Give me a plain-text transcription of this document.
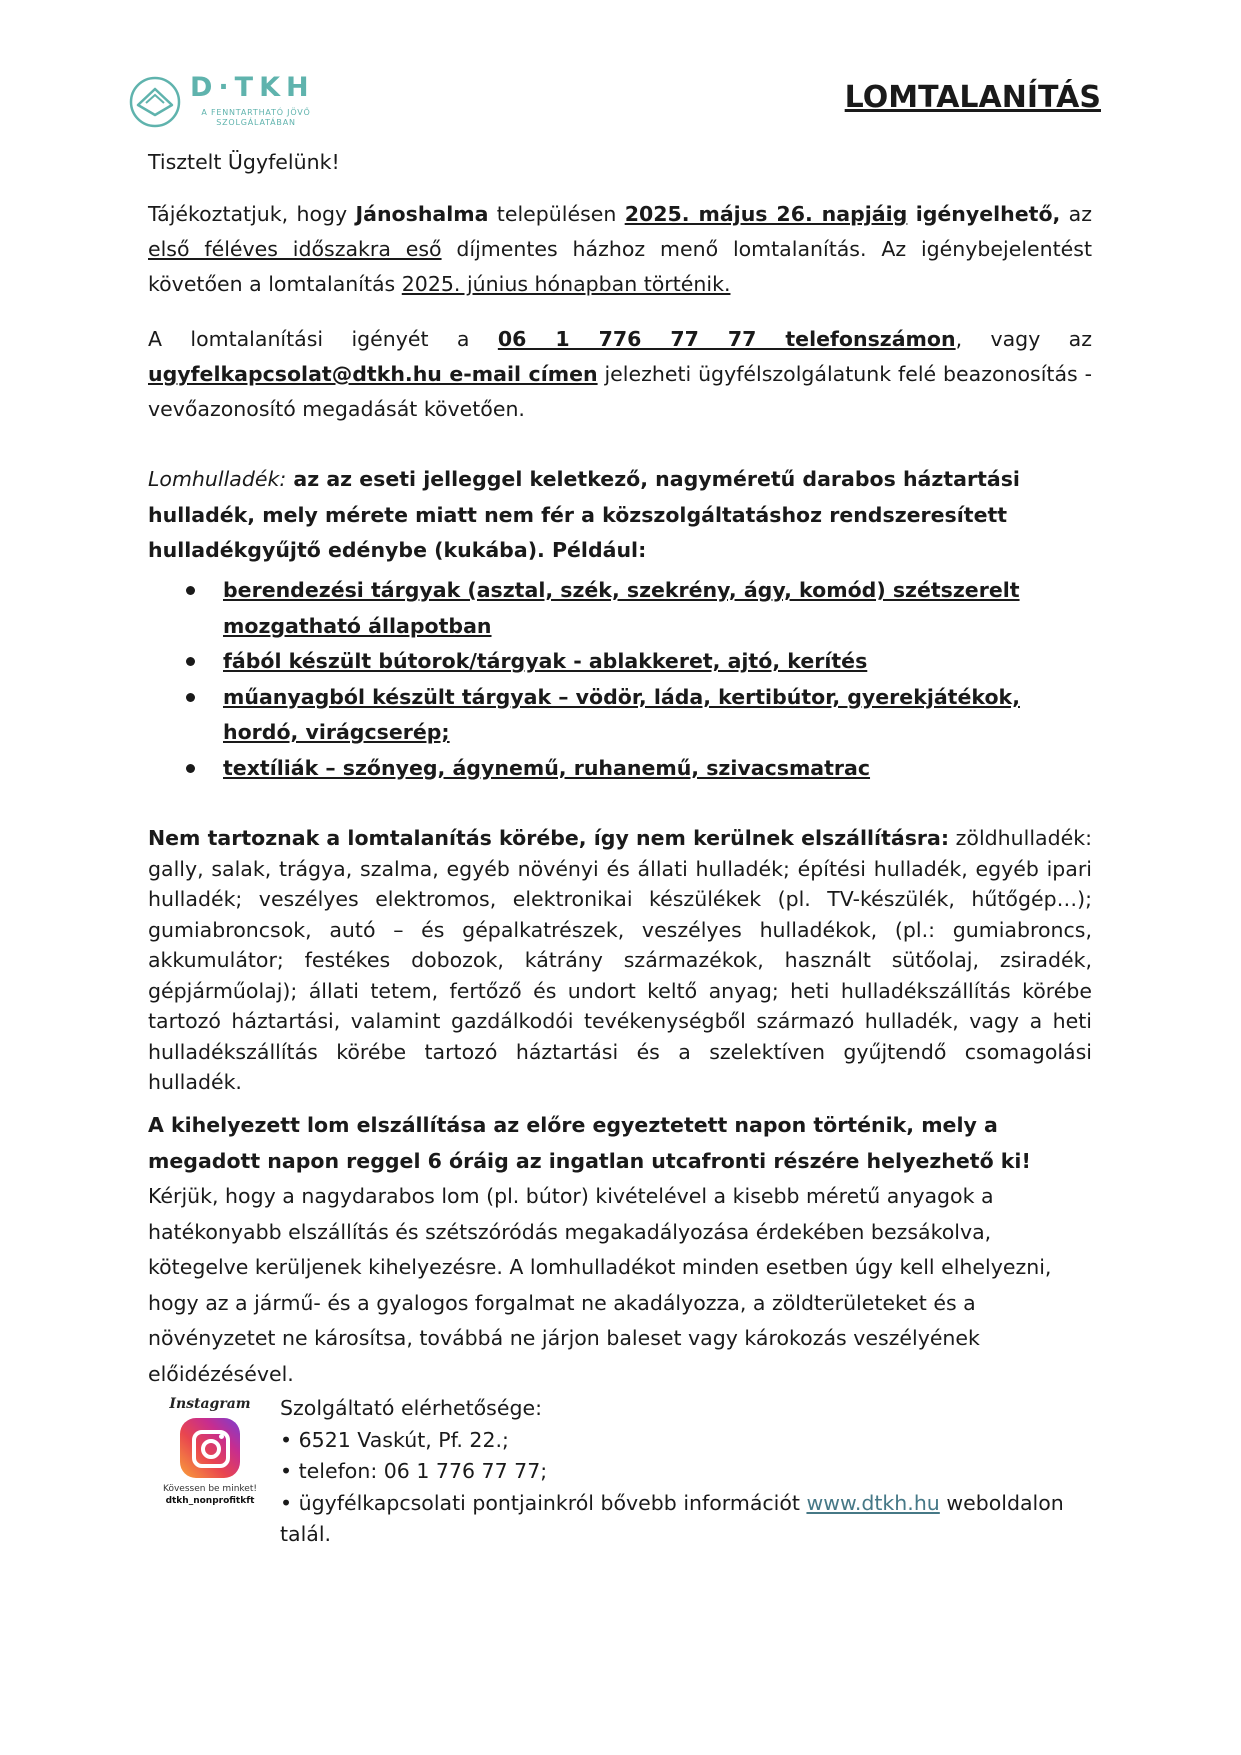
D·TKH
A FENNTARTHATÓ JÖVŐ
SZOLGÁLATÁBAN
LOMTALANÍTÁS
Tisztelt Ügyfelünk!

Tájékoztatjuk, hogy Jánoshalma településen 2025. május 26. napjáig igényelhető, az első féléves időszakra eső díjmentes házhoz menő lomtalanítás. Az igénybejelentést követően a lomtalanítás 2025. június hónapban történik.

A lomtalanítási igényét a 06 1 776 77 77 telefonszámon, vagy az ugyfelkapcsolat@dtkh.hu e-mail címen jelezheti ügyfélszolgálatunk felé beazonosítás - vevőazonosító megadását követően.

Lomhulladék: az az eseti jelleggel keletkező, nagyméretű darabos háztartási hulladék, mely mérete miatt nem fér a közszolgáltatáshoz rendszeresített hulladékgyűjtő edénybe (kukába). Például:

berendezési tárgyak (asztal, szék, szekrény, ágy, komód) szétszerelt mozgatható állapotban
fából készült bútorok/tárgyak - ablakkeret, ajtó, kerítés
műanyagból készült tárgyak – vödör, láda, kertibútor, gyerekjátékok, hordó, virágcserép;
textíliák – szőnyeg, ágynemű, ruhanemű, szivacsmatrac

Nem tartoznak a lomtalanítás körébe, így nem kerülnek elszállításra: zöldhulladék: gally, salak, trágya, szalma, egyéb növényi és állati hulladék; építési hulladék, egyéb ipari hulladék; veszélyes elektromos, elektronikai készülékek (pl. TV-készülék, hűtőgép…); gumiabroncsok, autó – és gépalkatrészek, veszélyes hulladékok, (pl.: gumiabroncs, akkumulátor; festékes dobozok, kátrány származékok, használt sütőolaj, zsiradék, gépjárműolaj); állati tetem, fertőző és undort keltő anyag; heti hulladékszállítás körébe tartozó háztartási, valamint gazdálkodói tevékenységből származó hulladék, vagy a heti hulladékszállítás körébe tartozó háztartási és a szelektíven gyűjtendő csomagolási hulladék.

A kihelyezett lom elszállítása az előre egyeztetett napon történik, mely a megadott napon reggel 6 óráig az ingatlan utcafronti részére helyezhető ki! Kérjük, hogy a nagydarabos lom (pl. bútor) kivételével a kisebb méretű anyagok a hatékonyabb elszállítás és szétszóródás megakadályozása érdekében bezsákolva, kötegelve kerüljenek kihelyezésre. A lomhulladékot minden esetben úgy kell elhelyezni, hogy az a jármű- és a gyalogos forgalmat ne akadályozza, a zöldterületeket és a növényzetet ne károsítsa, továbbá ne járjon baleset vagy károkozás veszélyének előidézésével.

Instagram
Kövessen be minket!
dtkh_nonprofitkft
Szolgáltató elérhetősége:
• 6521 Vaskút, Pf. 22.;
• telefon: 06 1 776 77 77;
• ügyfélkapcsolati pontjainkról bővebb információt www.dtkh.hu weboldalon talál.
